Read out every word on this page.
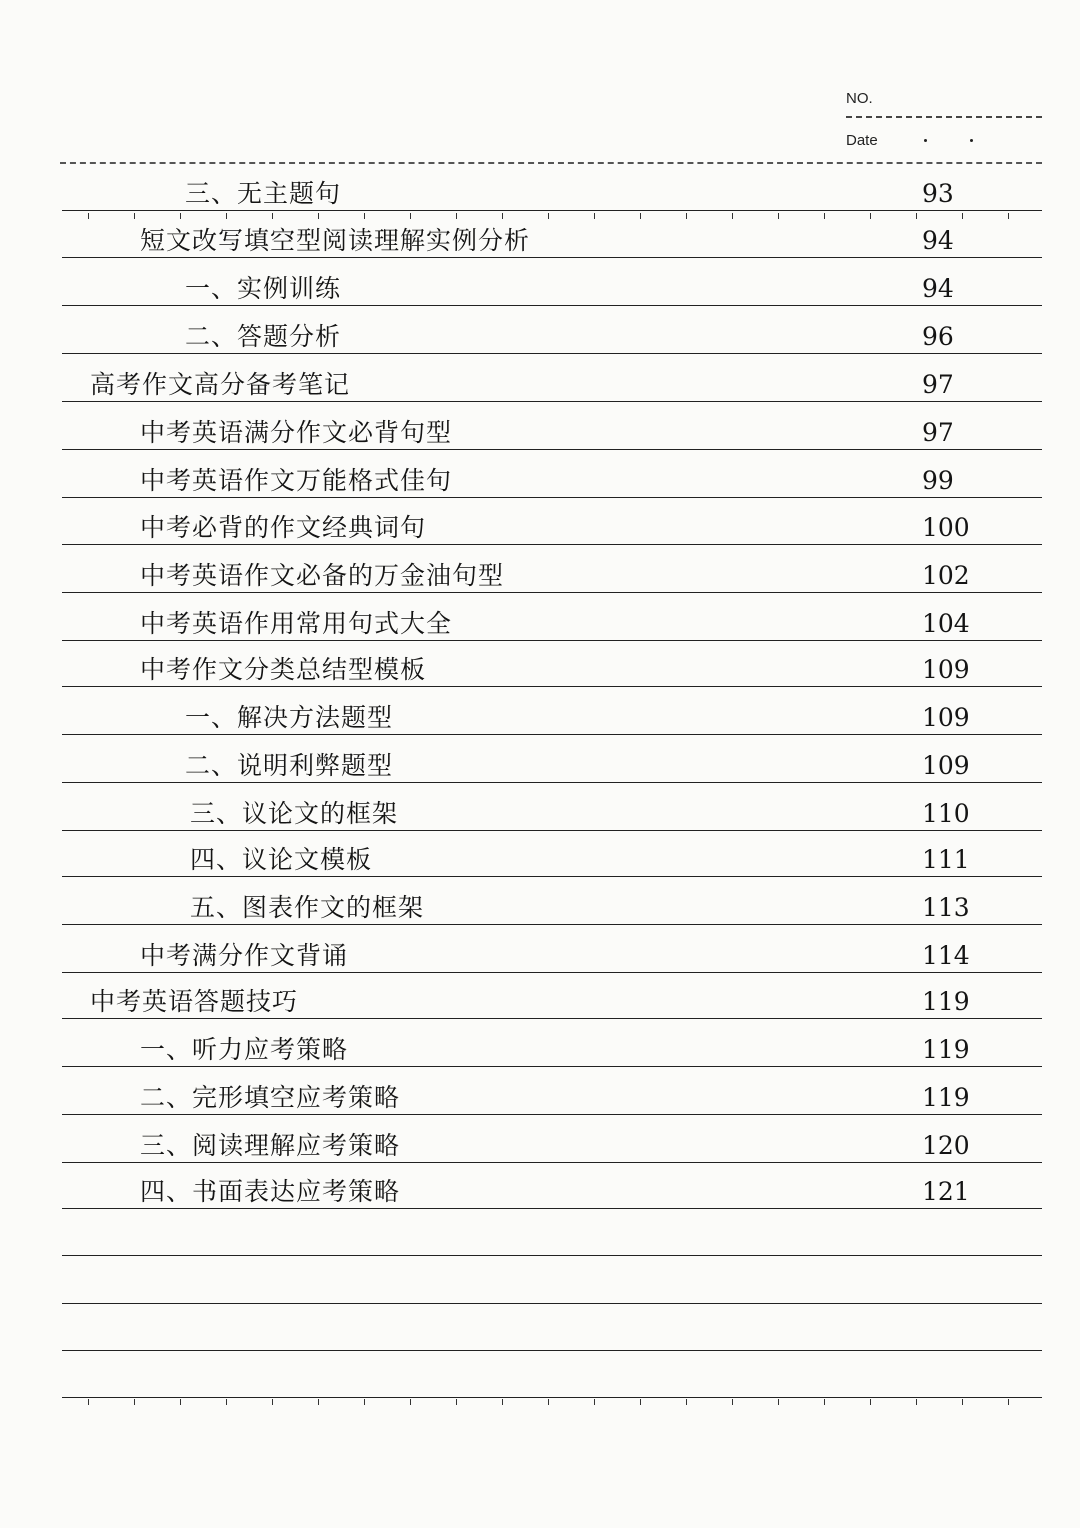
NO.
Date
三、无主题句	93
短文改写填空型阅读理解实例分析	94
一、实例训练	94
二、答题分析	96
高考作文高分备考笔记	97
中考英语满分作文必背句型	97
中考英语作文万能格式佳句	99
中考必背的作文经典词句	100
中考英语作文必备的万金油句型	102
中考英语作用常用句式大全	104
中考作文分类总结型模板	109
一、解决方法题型	109
二、说明利弊题型	109
三、议论文的框架	110
四、议论文模板	111
五、图表作文的框架	113
中考满分作文背诵	114
中考英语答题技巧	119
一、听力应考策略	119
二、完形填空应考策略	119
三、阅读理解应考策略	120
四、书面表达应考策略	121
